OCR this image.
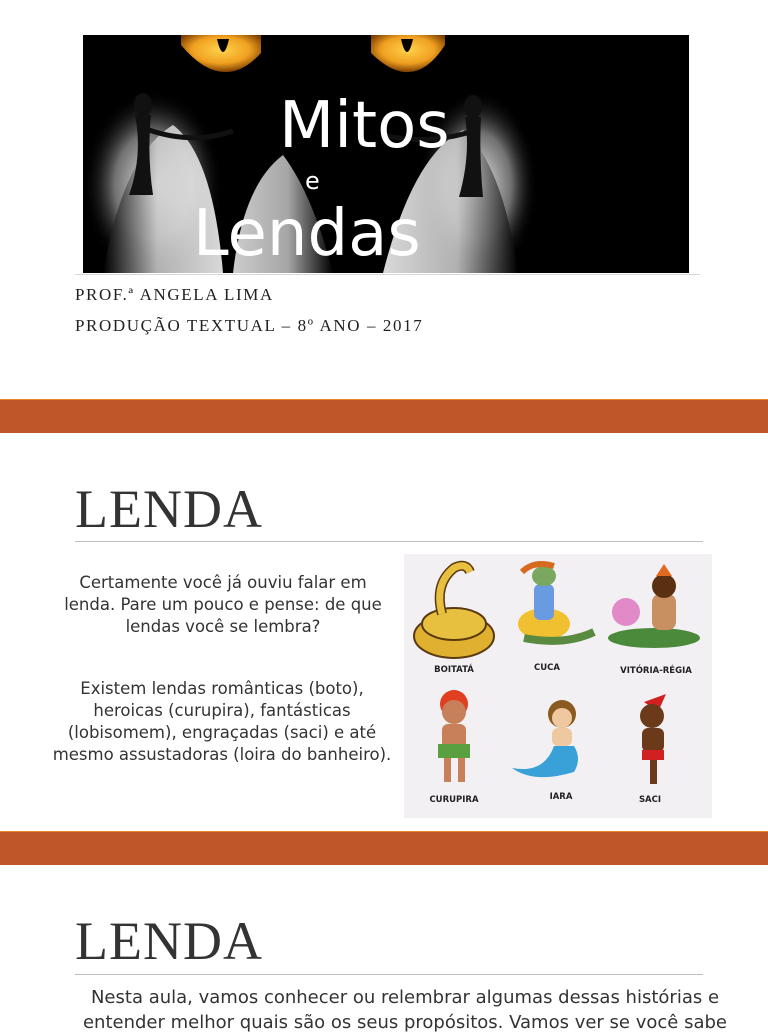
Mitos
e
Lendas
PROF.ª ANGELA LIMA
PRODUÇÃO TEXTUAL – 8º ANO – 2017
LENDA
Certamente você já ouviu falar em lenda. Pare um pouco e pense: de que lendas você se lembra?
Existem lendas românticas (boto), heroicas (curupira), fantásticas (lobisomem), engraçadas (saci) e até mesmo assustadoras (loira do banheiro).
BOITATÁ	CUCA	VITÓRIA-RÉGIA
CURUPIRA	IARA	SACI
LENDA
Nesta aula, vamos conhecer ou relembrar algumas dessas histórias e entender melhor quais são os seus propósitos. Vamos ver se você sabe
